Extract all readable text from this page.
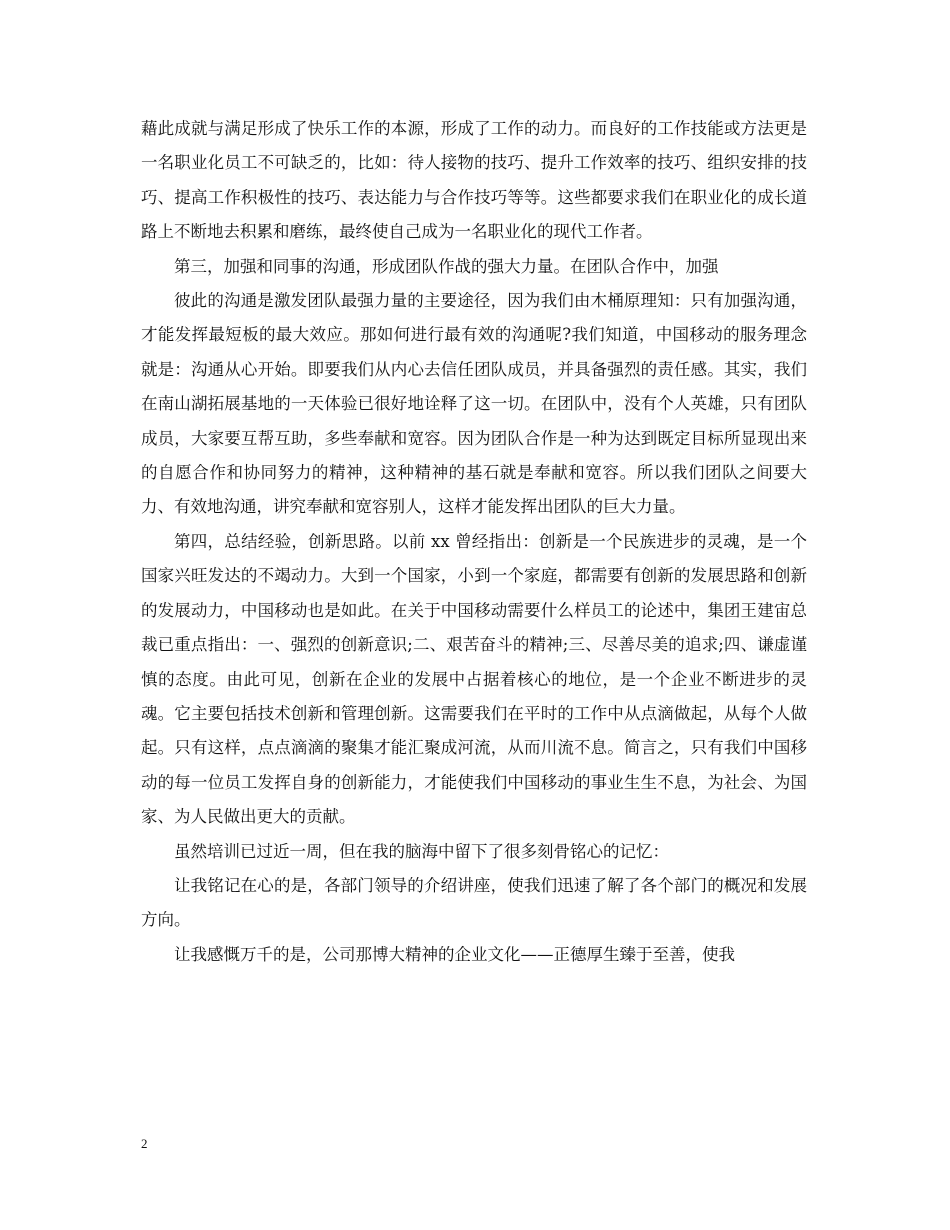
藉此成就与满足形成了快乐工作的本源，形成了工作的动力。而良好的工作技能或方法更是一名职业化员工不可缺乏的，比如：待人接物的技巧、提升工作效率的技巧、组织安排的技巧、提高工作积极性的技巧、表达能力与合作技巧等等。这些都要求我们在职业化的成长道路上不断地去积累和磨练，最终使自己成为一名职业化的现代工作者。

第三，加强和同事的沟通，形成团队作战的强大力量。在团队合作中，加强

彼此的沟通是激发团队最强力量的主要途径，因为我们由木桶原理知：只有加强沟通，才能发挥最短板的最大效应。那如何进行最有效的沟通呢?我们知道，中国移动的服务理念就是：沟通从心开始。即要我们从内心去信任团队成员，并具备强烈的责任感。其实，我们在南山湖拓展基地的一天体验已很好地诠释了这一切。在团队中，没有个人英雄，只有团队成员，大家要互帮互助，多些奉献和宽容。因为团队合作是一种为达到既定目标所显现出来的自愿合作和协同努力的精神，这种精神的基石就是奉献和宽容。所以我们团队之间要大力、有效地沟通，讲究奉献和宽容别人，这样才能发挥出团队的巨大力量。

第四，总结经验，创新思路。以前 xx 曾经指出：创新是一个民族进步的灵魂，是一个国家兴旺发达的不竭动力。大到一个国家，小到一个家庭，都需要有创新的发展思路和创新的发展动力，中国移动也是如此。在关于中国移动需要什么样员工的论述中，集团王建宙总裁已重点指出：一、强烈的创新意识;二、艰苦奋斗的精神;三、尽善尽美的追求;四、谦虚谨慎的态度。由此可见，创新在企业的发展中占据着核心的地位，是一个企业不断进步的灵魂。它主要包括技术创新和管理创新。这需要我们在平时的工作中从点滴做起，从每个人做起。只有这样，点点滴滴的聚集才能汇聚成河流，从而川流不息。简言之，只有我们中国移动的每一位员工发挥自身的创新能力，才能使我们中国移动的事业生生不息，为社会、为国家、为人民做出更大的贡献。

虽然培训已过近一周，但在我的脑海中留下了很多刻骨铭心的记忆：

让我铭记在心的是，各部门领导的介绍讲座，使我们迅速了解了各个部门的概况和发展方向。

让我感慨万千的是，公司那博大精神的企业文化——正德厚生臻于至善，使我

2
